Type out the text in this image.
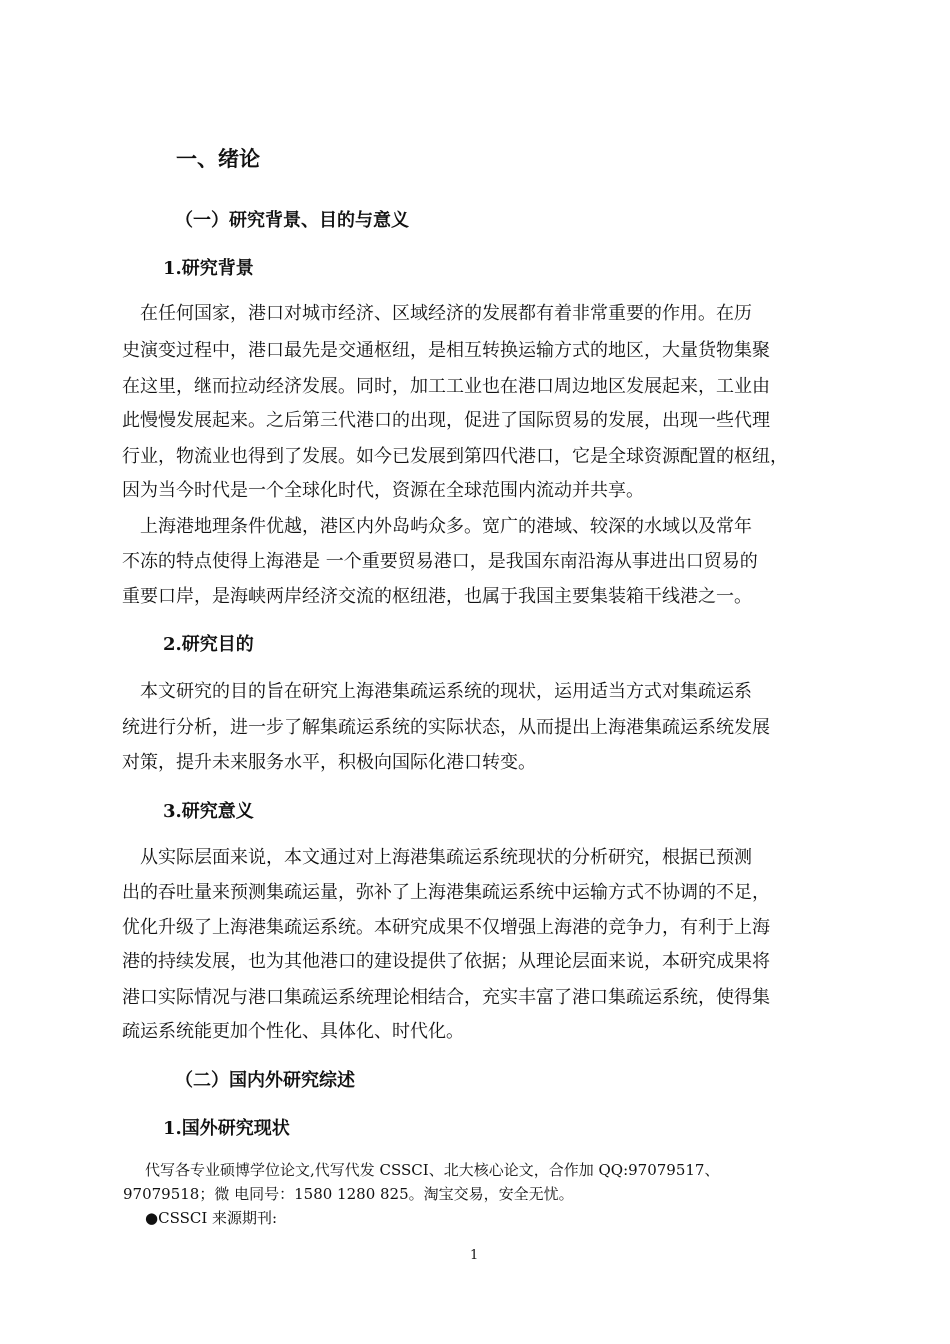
一、绪论
（一）研究背景、目的与意义
1.研究背景
　在任何国家，港口对城市经济、区域经济的发展都有着非常重要的作用。在历
史演变过程中，港口最先是交通枢纽，是相互转换运输方式的地区，大量货物集聚
在这里，继而拉动经济发展。同时，加工工业也在港口周边地区发展起来，工业由
此慢慢发展起来。之后第三代港口的出现，促进了国际贸易的发展，出现一些代理
行业，物流业也得到了发展。如今已发展到第四代港口，它是全球资源配置的枢纽，
因为当今时代是一个全球化时代，资源在全球范围内流动并共享。
　上海港地理条件优越，港区内外岛屿众多。宽广的港域、较深的水域以及常年
不冻的特点使得上海港是 一个重要贸易港口，是我国东南沿海从事进出口贸易的
重要口岸，是海峡两岸经济交流的枢纽港，也属于我国主要集装箱干线港之一。
2.研究目的
　本文研究的目的旨在研究上海港集疏运系统的现状，运用适当方式对集疏运系
统进行分析，进一步了解集疏运系统的实际状态，从而提出上海港集疏运系统发展
对策，提升未来服务水平，积极向国际化港口转变。
3.研究意义
　从实际层面来说，本文通过对上海港集疏运系统现状的分析研究，根据已预测
出的吞吐量来预测集疏运量，弥补了上海港集疏运系统中运输方式不协调的不足，
优化升级了上海港集疏运系统。本研究成果不仅增强上海港的竞争力，有利于上海
港的持续发展，也为其他港口的建设提供了依据；从理论层面来说，本研究成果将
港口实际情况与港口集疏运系统理论相结合，充实丰富了港口集疏运系统，使得集
疏运系统能更加个性化、具体化、时代化。
（二）国内外研究综述
1.国外研究现状
代写各专业硕博学位论文,代写代发 CSSCI、北大核心论文，合作加 QQ:97079517、
97079518；微 电同号：1580 1280 825。淘宝交易，安全无忧。
●CSSCI 来源期刊:
1
